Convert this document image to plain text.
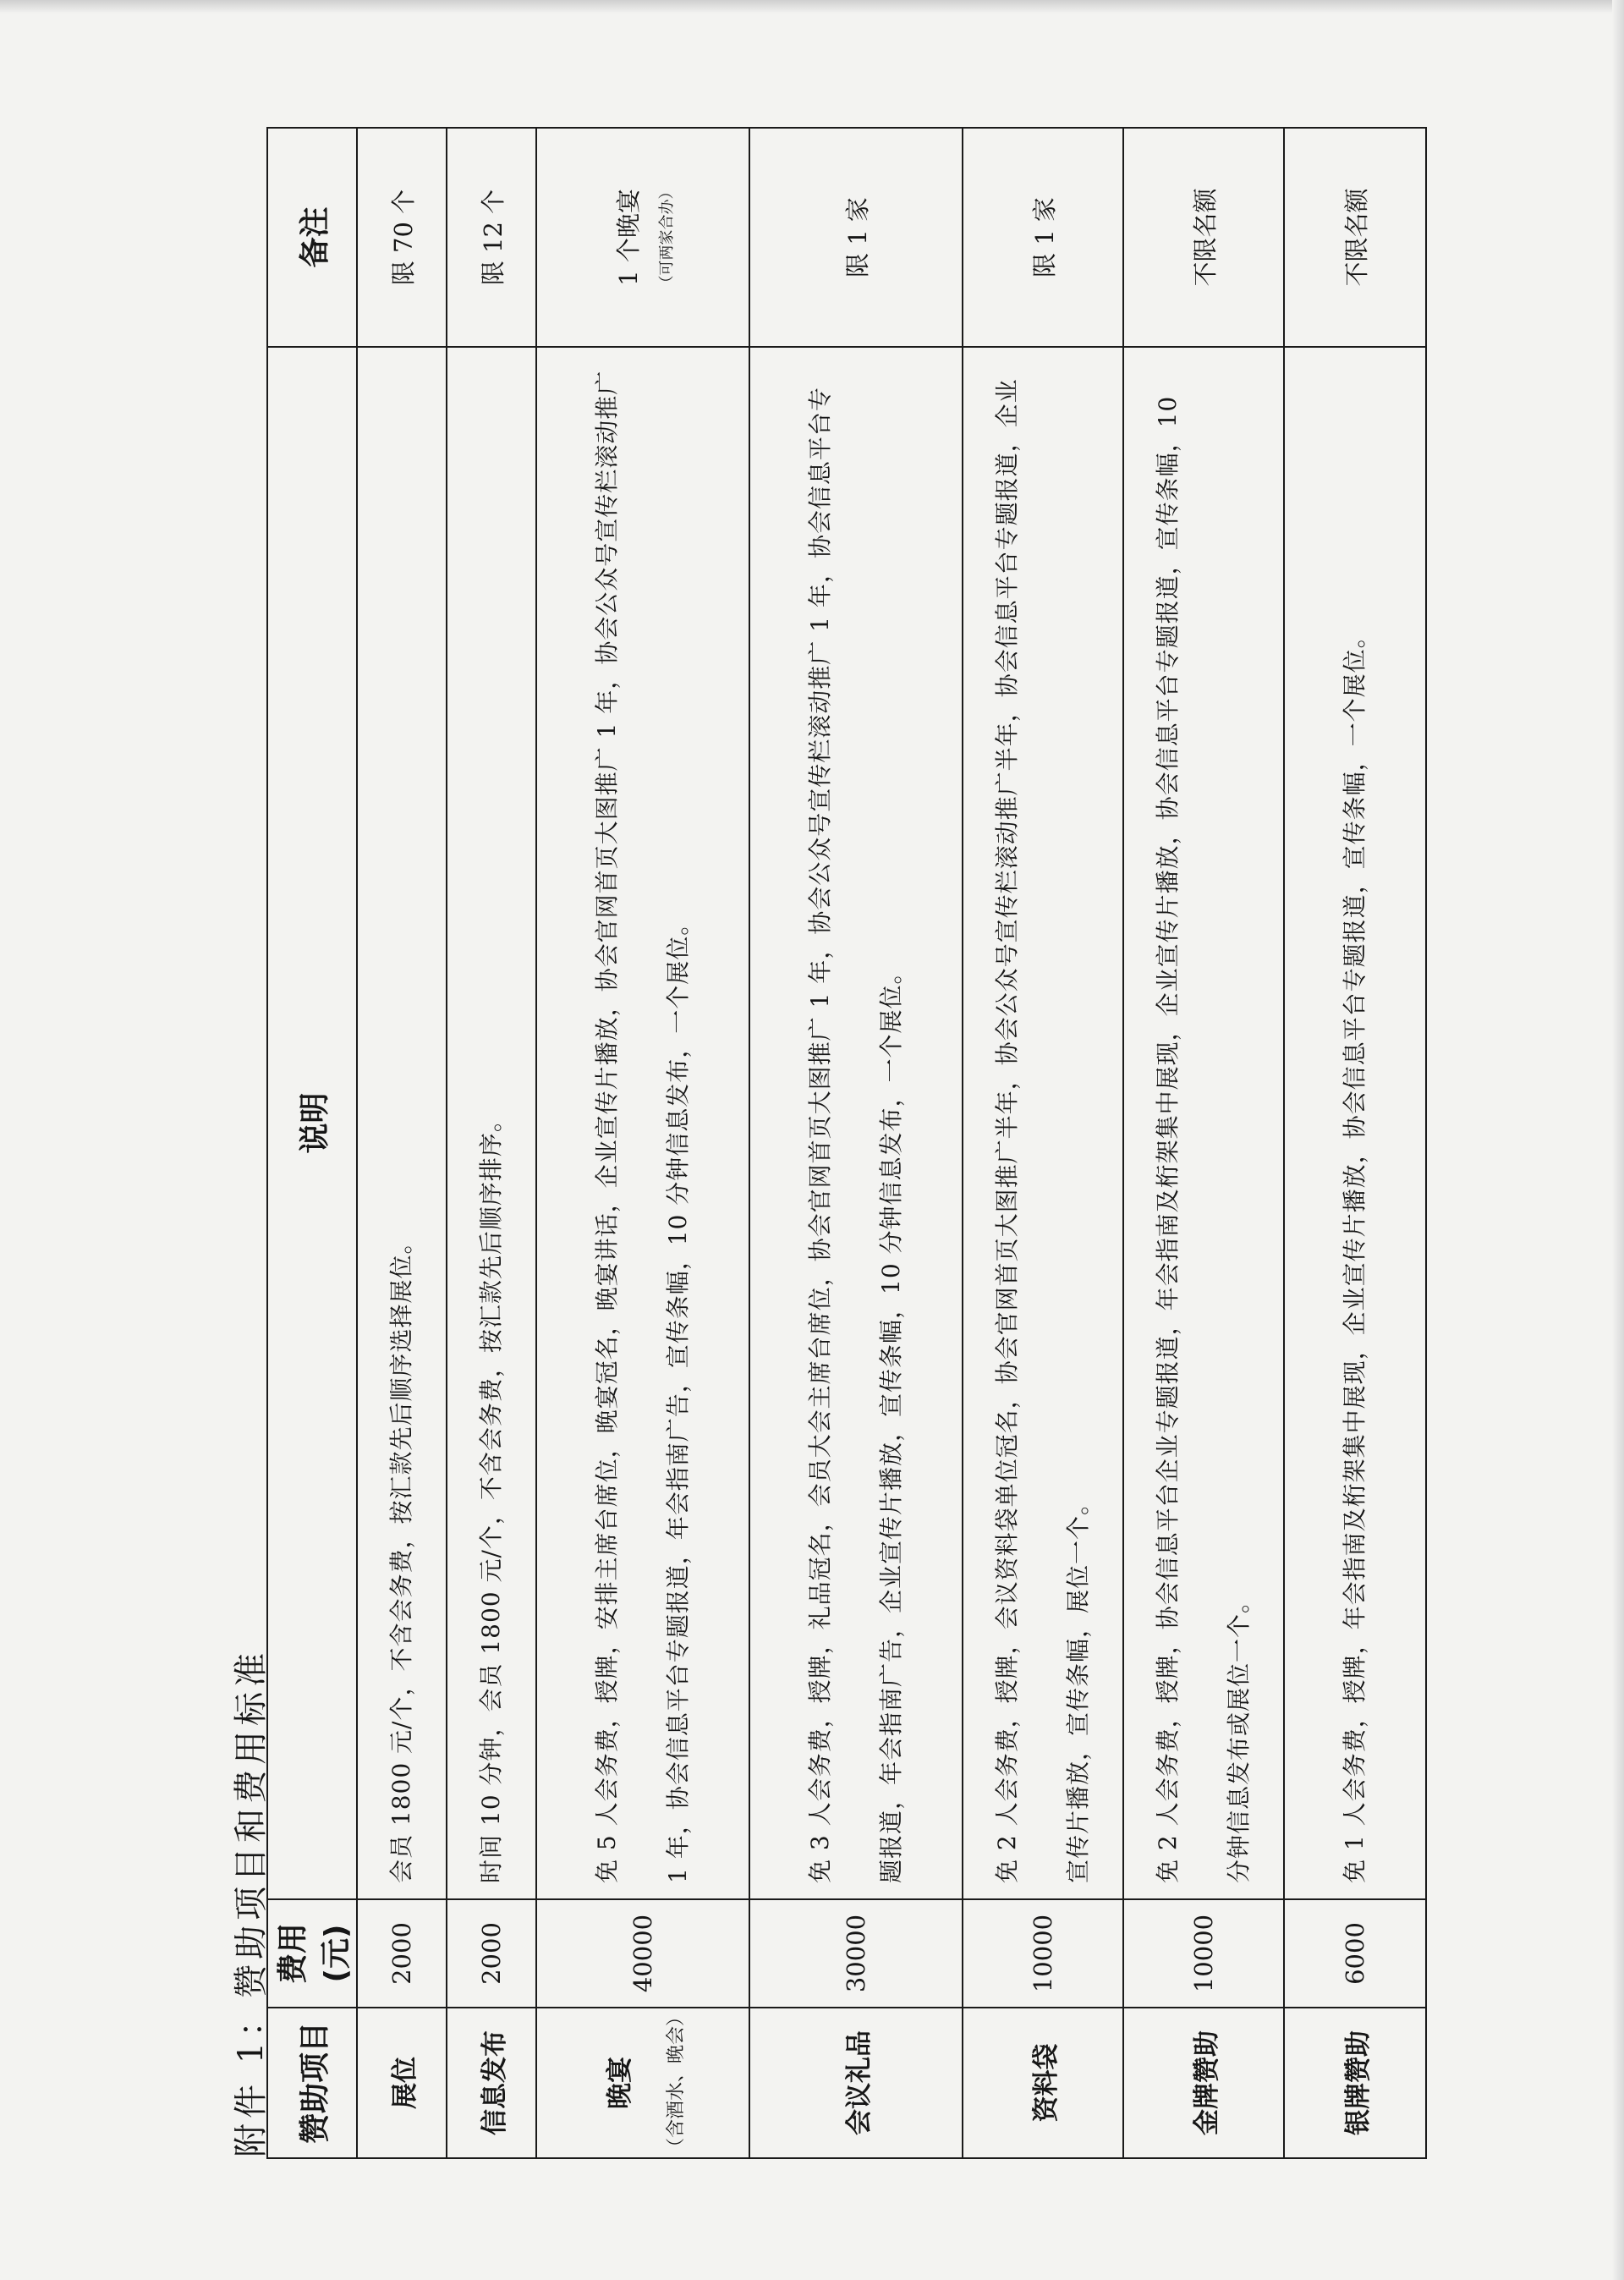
附件 1：赞助项目和费用标准 赞助项目	费用(元)	说明	备注
展位	2000	会员 1800 元/个，不含会务费，按汇款先后顺序选择展位。	限 70 个
信息发布	2000	时间 10 分钟，会员 1800 元/个，不含会务费，按汇款先后顺序排序。	限 12 个
晚宴 （含酒水、晚会）	40000	免 5 人会务费，授牌，安排主席台席位，晚宴冠名，晚宴讲话，企业宣传片播放，协会官网首页大图推广 1 年，协会公众号宣传栏滚动推广 1 年，协会信息平台专题报道，年会指南广告，宣传条幅，10 分钟信息发布，一个展位。	1 个晚宴 （可两家合办）

会议礼品	30000	免 3 人会务费，授牌，礼品冠名，会员大会主席台席位，协会官网首页大图推广 1 年，协会公众号宣传栏滚动推广 1 年，协会信息平台专题报道，年会指南广告，企业宣传片播放，宣传条幅，10 分钟信息发布，一个展位。	限 1 家
资料袋	10000	免 2 人会务费，授牌，会议资料袋单位冠名，协会官网首页大图推广半年，协会公众号宣传栏滚动推广半年，协会信息平台专题报道，企业宣传片播放，宣传条幅，展位一个。	限 1 家
金牌赞助	10000	免 2 人会务费，授牌，协会信息平台企业专题报道，年会指南及桁架集中展现，企业宣传片播放，协会信息平台专题报道，宣传条幅，10 分钟信息发布或展位一个。	不限名额
银牌赞助	6000	免 1 人会务费，授牌，年会指南及桁架集中展现，企业宣传片播放，协会信息平台专题报道，宣传条幅，一个展位。	不限名额
